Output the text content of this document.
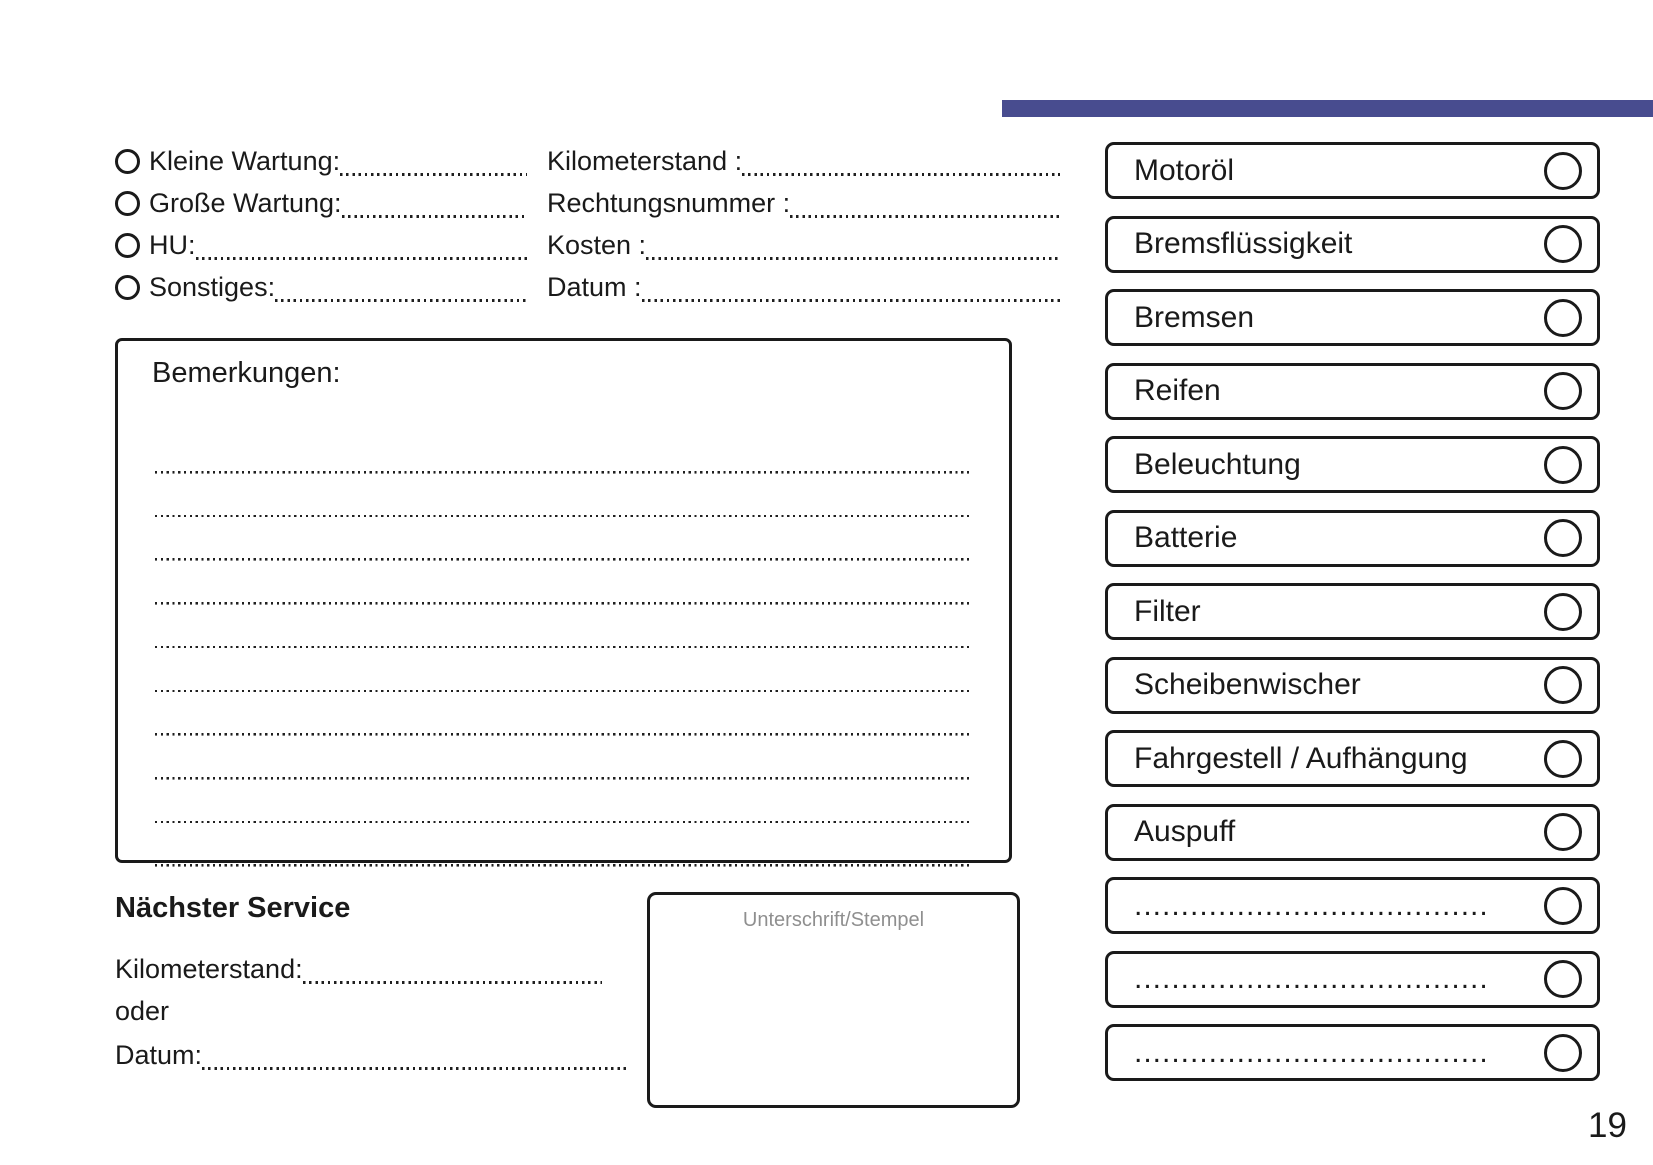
Kleine Wartung:
Große Wartung:
HU:
Sonstiges:
Kilometerstand :
Rechtungsnummer :
Kosten :
Datum :
Bemerkungen:
Nächster Service
Kilometerstand:
oder
Datum:
Unterschrift/Stempel
Motoröl
Bremsflüssigkeit
Bremsen
Reifen
Beleuchtung
Batterie
Filter
Scheibenwischer
Fahrgestell / Aufhängung
Auspuff
......................................
......................................
......................................
19
